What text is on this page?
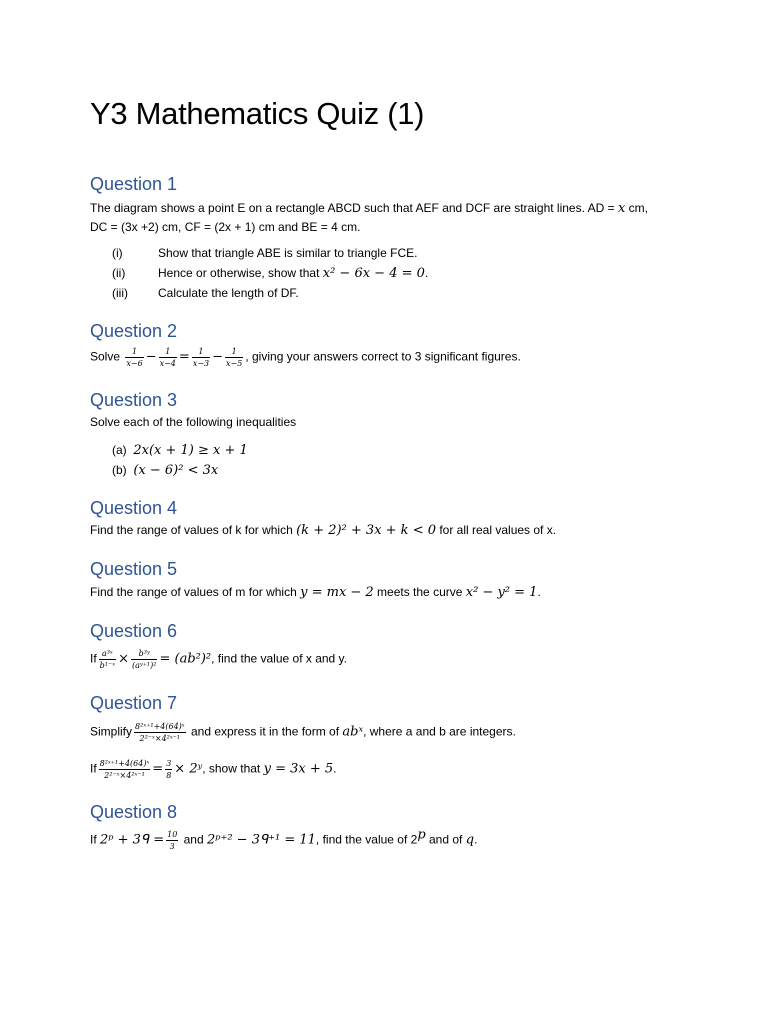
Y3 Mathematics Quiz (1)
Question 1
The diagram shows a point E on a rectangle ABCD such that AEF and DCF are straight lines. AD = x cm,
DC = (3x +2) cm, CF = (2x + 1) cm and BE = 4 cm.
(i)	Show that triangle ABE is similar to triangle FCE.
(ii)	Hence or otherwise, show that x² − 6x − 4 = 0.
(iii)	Calculate the length of DF.
Question 2
Solve $\frac{1}{x-6} - \frac{1}{x-4} = \frac{1}{x-3} - \frac{1}{x-5}$ , giving your answers correct to 3 significant figures.
Question 3
Solve each of the following inequalities
(a) 2x(x + 1) ≥ x + 1
(b) (x − 6)² < 3x
Question 4
Find the range of values of k for which (k + 2)² + 3x + k < 0 for all real values of x.
Question 5
Find the range of values of m for which y = mx − 2 meets the curve x² − y² = 1.
Question 6
If $\frac{\text{a³ˣ}}{\text{b¹⁻ˣ}} \times \frac{\text{b³ʸ}}{\text{(aʸ⁺¹)²}} = (ab^2)^2$, find the value of x and y.
Question 7
Simplify $\frac{\text{8²ˣ⁺¹+4(64)ˣ}}{\text{2²⁻ˣ×4²ˣ⁻¹}}$ and express it in the form of abˣ, where a and b are integers.
If $\frac{\text{8²ˣ⁺¹+4(64)ˣ}}{\text{2²⁻ˣ×4²ˣ⁻¹}} = \frac{3}{8}$ × 2ʸ, show that y = 3x + 5.
Question 8
If 2ᵖ + 3ᑫ = $\frac{10}{3}$ and 2ᵖ⁺² − 3ᑫ⁺¹ = 11, find the value of 2$^p$ and of q.
